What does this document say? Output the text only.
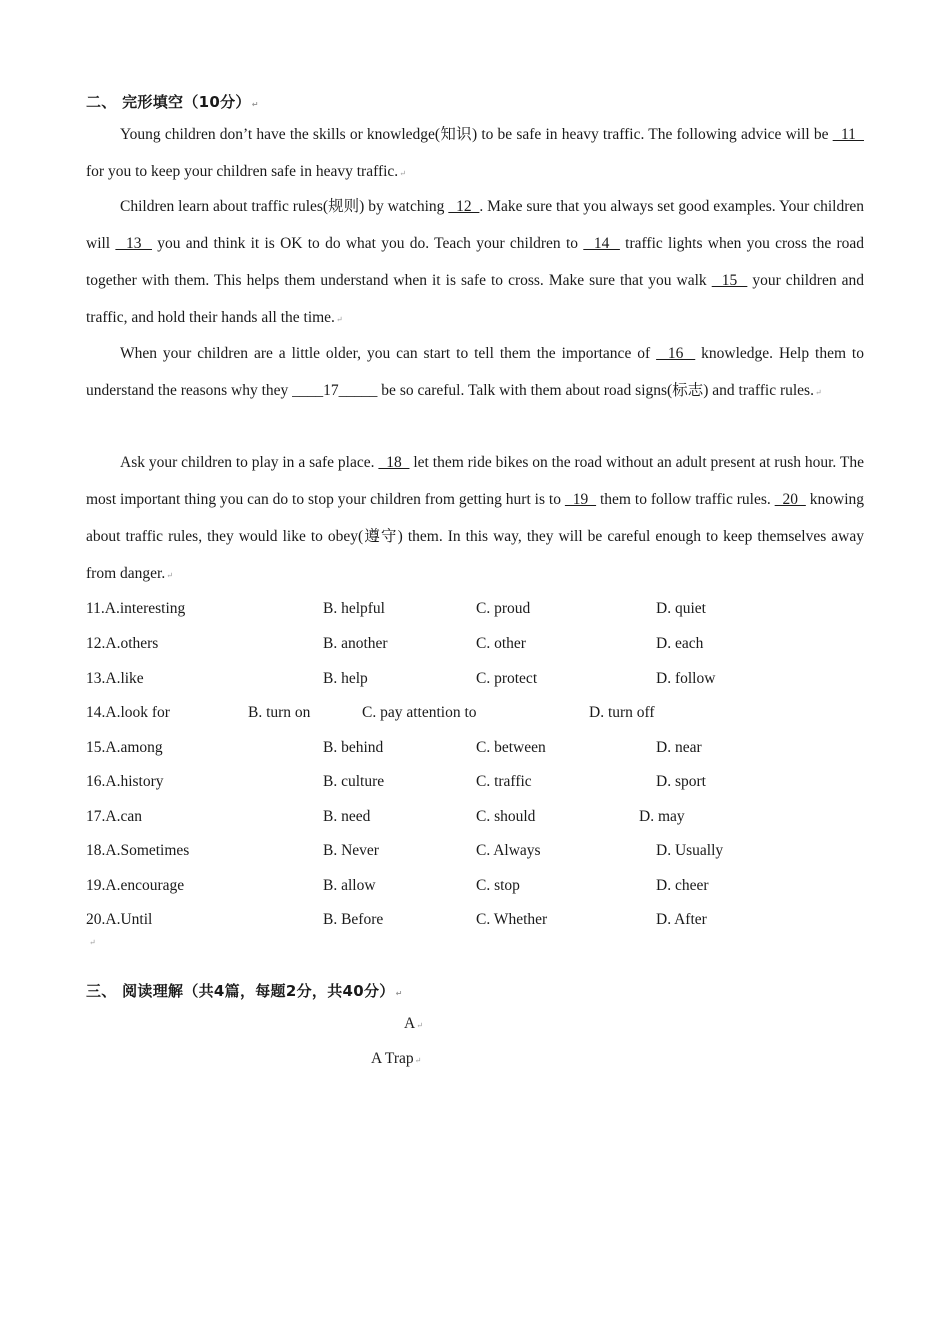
二、 完形填空（10分）↵

Young children don’t have the skills or knowledge(知识) to be safe in heavy traffic. The following advice will be   11   for you to keep your children safe in heavy traffic.↵

Children learn about traffic rules(规则) by watching   12  . Make sure that you always set good examples. Your children will   13   you and think it is OK to do what you do. Teach your children to   14   traffic lights when you cross the road together with them. This helps them understand when it is safe to cross. Make sure that you walk   15   your children and traffic, and hold their hands all the time.↵

When your children are a little older, you can start to tell them the importance of   16   knowledge. Help them to understand the reasons why they ____17_____ be so careful. Talk with them about road signs(标志) and traffic rules.↵

Ask your children to play in a safe place.   18   let them ride bikes on the road without an adult present at rush hour. The most important thing you can do to stop your children from getting hurt is to   19   them to follow traffic rules.   20   knowing about traffic rules, they would like to obey(遵守) them. In this way, they will be careful enough to keep themselves away from danger.↵

11.A.interesting	B. helpful	C. proud	D. quiet
12.A.others	B. another	C. other	D. each
13.A.like	B. help	C. protect	D. follow
14.A.look for	B. turn on	C. pay attention to	D. turn off
15.A.among	B. behind	C. between	D. near
16.A.history	B. culture	C. traffic	D. sport
17.A.can	B. need	C. should	D. may
18.A.Sometimes	B. Never	C. Always	D. Usually
19.A.encourage	B. allow	C. stop	D. cheer
20.A.Until	B. Before	C. Whether	D. After
↵
三、 阅读理解（共4篇，每题2分，共40分）↵
A↵
A Trap↵
